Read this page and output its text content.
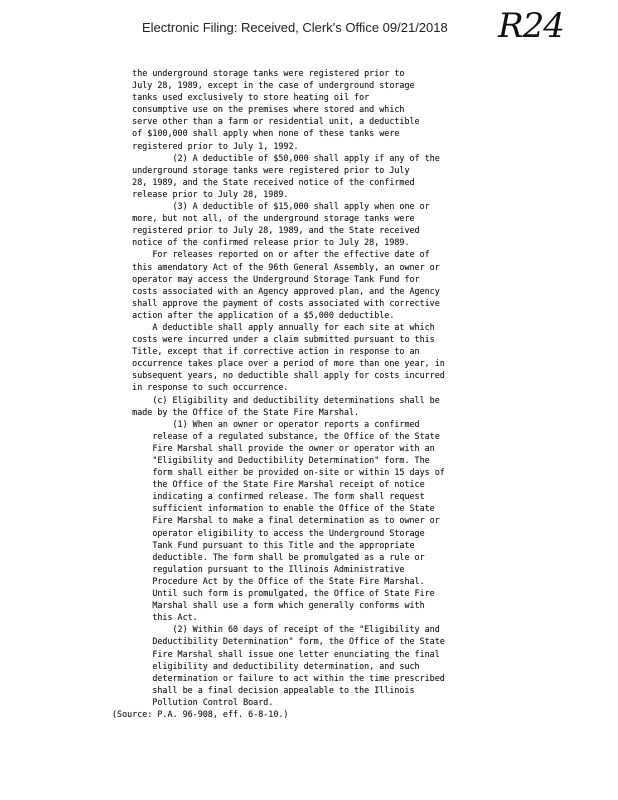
Electronic Filing: Received, Clerk's Office 09/21/2018 R24
the underground storage tanks were registered prior to
July 28, 1989, except in the case of underground storage
tanks used exclusively to store heating oil for
consumptive use on the premises where stored and which
serve other than a farm or residential unit, a deductible
of $100,000 shall apply when none of these tanks were
registered prior to July 1, 1992.
(2) A deductible of $50,000 shall apply if any of the
underground storage tanks were registered prior to July
28, 1989, and the State received notice of the confirmed
release prior to July 28, 1989.
(3) A deductible of $15,000 shall apply when one or
more, but not all, of the underground storage tanks were
registered prior to July 28, 1989, and the State received
notice of the confirmed release prior to July 28, 1989.
For releases reported on or after the effective date of
this amendatory Act of the 96th General Assembly, an owner or
operator may access the Underground Storage Tank Fund for
costs associated with an Agency approved plan, and the Agency
shall approve the payment of costs associated with corrective
action after the application of a $5,000 deductible.
A deductible shall apply annually for each site at which
costs were incurred under a claim submitted pursuant to this
Title, except that if corrective action in response to an
occurrence takes place over a period of more than one year, in
subsequent years, no deductible shall apply for costs incurred
in response to such occurrence.
(c) Eligibility and deductibility determinations shall be
made by the Office of the State Fire Marshal.
(1) When an owner or operator reports a confirmed
release of a regulated substance, the Office of the State
Fire Marshal shall provide the owner or operator with an
"Eligibility and Deductibility Determination" form. The
form shall either be provided on-site or within 15 days of
the Office of the State Fire Marshal receipt of notice
indicating a confirmed release. The form shall request
sufficient information to enable the Office of the State
Fire Marshal to make a final determination as to owner or
operator eligibility to access the Underground Storage
Tank Fund pursuant to this Title and the appropriate
deductible. The form shall be promulgated as a rule or
regulation pursuant to the Illinois Administrative
Procedure Act by the Office of the State Fire Marshal.
Until such form is promulgated, the Office of State Fire
Marshal shall use a form which generally conforms with
this Act.
(2) Within 60 days of receipt of the "Eligibility and
Deductibility Determination" form, the Office of the State
Fire Marshal shall issue one letter enunciating the final
eligibility and deductibility determination, and such
determination or failure to act within the time prescribed
shall be a final decision appealable to the Illinois
Pollution Control Board.
(Source: P.A. 96-908, eff. 6-8-10.)
